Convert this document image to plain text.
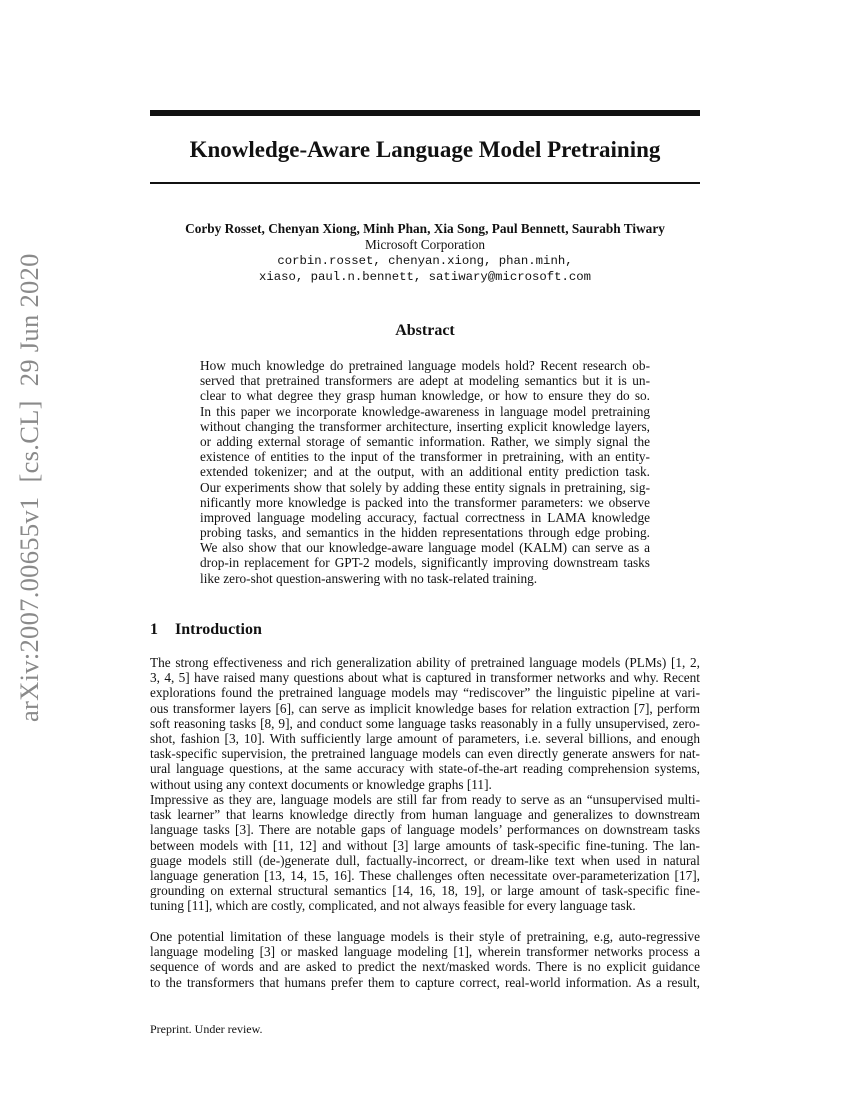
arXiv:2007.00655v1[cs.CL]29 Jun 2020
Knowledge-Aware Language Model Pretraining
Corby Rosset, Chenyan Xiong, Minh Phan, Xia Song, Paul Bennett, Saurabh Tiwary
Microsoft Corporation
corbin.rosset, chenyan.xiong, phan.minh,
xiaso, paul.n.bennett, satiwary@microsoft.com
Abstract
How much knowledge do pretrained language models hold? Recent research ob-
served that pretrained transformers are adept at modeling semantics but it is un-
clear to what degree they grasp human knowledge, or how to ensure they do so.
In this paper we incorporate knowledge-awareness in language model pretraining
without changing the transformer architecture, inserting explicit knowledge layers,
or adding external storage of semantic information. Rather, we simply signal the
existence of entities to the input of the transformer in pretraining, with an entity-
extended tokenizer; and at the output, with an additional entity prediction task.
Our experiments show that solely by adding these entity signals in pretraining, sig-
nificantly more knowledge is packed into the transformer parameters: we observe
improved language modeling accuracy, factual correctness in LAMA knowledge
probing tasks, and semantics in the hidden representations through edge probing.
We also show that our knowledge-aware language model (KALM) can serve as a
drop-in replacement for GPT-2 models, significantly improving downstream tasks
like zero-shot question-answering with no task-related training.
1 Introduction
The strong effectiveness and rich generalization ability of pretrained language models (PLMs) [1, 2,
3, 4, 5] have raised many questions about what is captured in transformer networks and why. Recent
explorations found the pretrained language models may “rediscover” the linguistic pipeline at vari-
ous transformer layers [6], can serve as implicit knowledge bases for relation extraction [7], perform
soft reasoning tasks [8, 9], and conduct some language tasks reasonably in a fully unsupervised, zero-
shot, fashion [3, 10]. With sufficiently large amount of parameters, i.e. several billions, and enough
task-specific supervision, the pretrained language models can even directly generate answers for nat-
ural language questions, at the same accuracy with state-of-the-art reading comprehension systems,
without using any context documents or knowledge graphs [11].
Impressive as they are, language models are still far from ready to serve as an “unsupervised multi-
task learner” that learns knowledge directly from human language and generalizes to downstream
language tasks [3]. There are notable gaps of language models’ performances on downstream tasks
between models with [11, 12] and without [3] large amounts of task-specific fine-tuning. The lan-
guage models still (de-)generate dull, factually-incorrect, or dream-like text when used in natural
language generation [13, 14, 15, 16]. These challenges often necessitate over-parameterization [17],
grounding on external structural semantics [14, 16, 18, 19], or large amount of task-specific fine-
tuning [11], which are costly, complicated, and not always feasible for every language task.
One potential limitation of these language models is their style of pretraining, e.g, auto-regressive
language modeling [3] or masked language modeling [1], wherein transformer networks process a
sequence of words and are asked to predict the next/masked words. There is no explicit guidance
to the transformers that humans prefer them to capture correct, real-world information. As a result,
Preprint. Under review.
